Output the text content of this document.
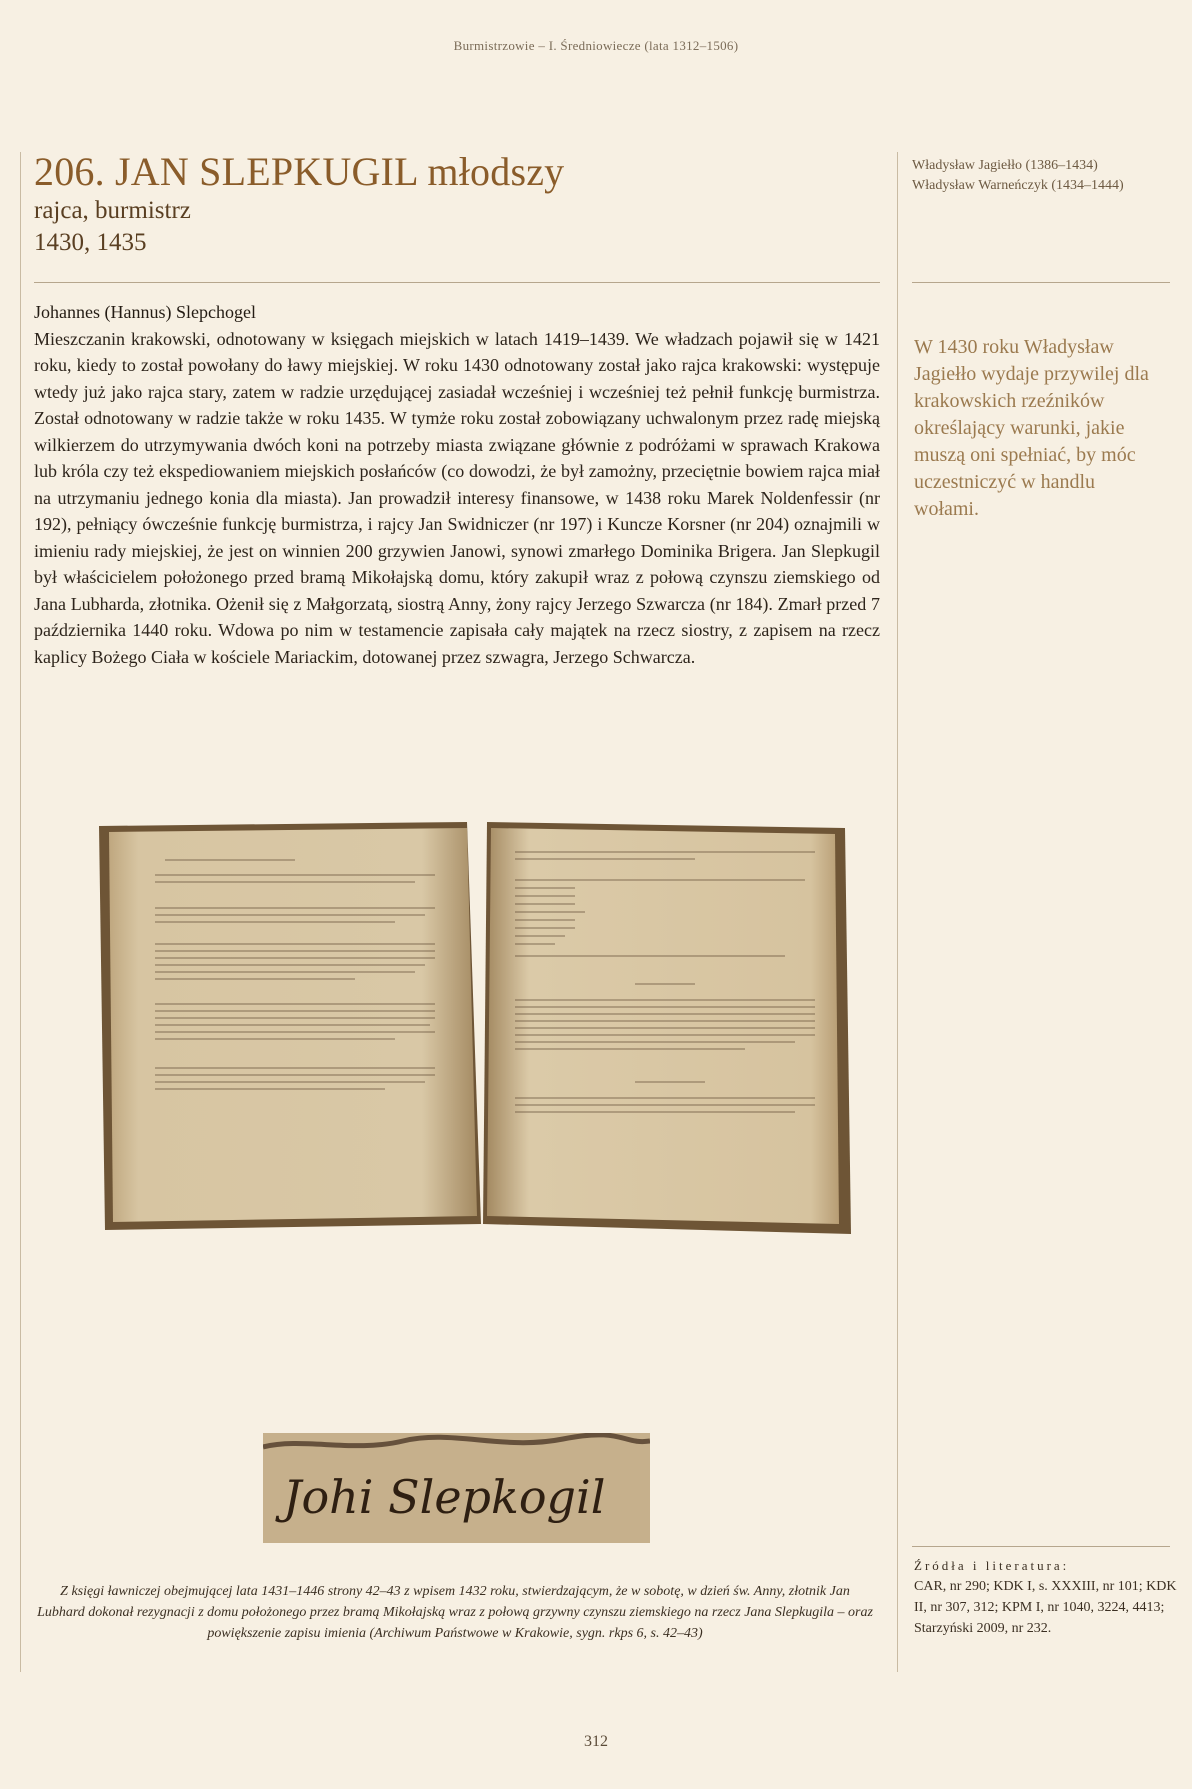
Burmistrzowie – I. Średniowiecze (lata 1312–1506)
206. JAN SLEPKUGIL młodszy
rajca, burmistrz
1430, 1435
Władysław Jagiełło (1386–1434)
Władysław Warneńczyk (1434–1444)

Johannes (Hannus) Slepchogel

Mieszczanin krakowski, odnotowany w księgach miejskich w latach 1419–1439. We władzach pojawił się w 1421 roku, kiedy to został powołany do ławy miejskiej. W roku 1430 odnotowany został jako rajca krakowski: występuje wtedy już jako rajca stary, zatem w radzie urzędującej zasiadał wcześniej i wcześniej też pełnił funkcję burmistrza. Został odnotowany w radzie także w roku 1435. W tymże roku został zobowiązany uchwalonym przez radę miejską wilkierzem do utrzymywania dwóch koni na potrzeby miasta związane głównie z podróżami w sprawach Krakowa lub króla czy też ekspediowaniem miejskich posłańców (co dowodzi, że był zamożny, przeciętnie bowiem rajca miał na utrzymaniu jednego konia dla miasta). Jan prowadził interesy finansowe, w 1438 roku Marek Noldenfessir (nr 192), pełniący ówcześnie funkcję burmistrza, i rajcy Jan Swidniczer (nr 197) i Kuncze Korsner (nr 204) oznajmili w imieniu rady miejskiej, że jest on winnien 200 grzywien Janowi, synowi zmarłego Dominika Brigera. Jan Slepkugil był właścicielem położonego przed bramą Mikołajską domu, który zakupił wraz z połową czynszu ziemskiego od Jana Lubharda, złotnika. Ożenił się z Małgorzatą, siostrą Anny, żony rajcy Jerzego Szwarcza (nr 184). Zmarł przed 7 października 1440 roku. Wdowa po nim w testamencie zapisała cały majątek na rzecz siostry, z zapisem na rzecz kaplicy Bożego Ciała w kościele Mariackim, dotowanej przez szwagra, Jerzego Schwarcza.

W 1430 roku Władysław Jagiełło wydaje przywilej dla krakowskich rzeźników określający warunki, jakie muszą oni spełniać, by móc uczestniczyć w handlu wołami.
Johi Slepkogil
Z księgi ławniczej obejmującej lata 1431–1446 strony 42–43 z wpisem 1432 roku, stwierdzającym, że w sobotę, w dzień św. Anny, złotnik Jan Lubhard dokonał rezygnacji z domu położonego przez bramą Mikołajską wraz z połową grzywny czynszu ziemskiego na rzecz Jana Slepkugila – oraz powiększenie zapisu imienia (Archiwum Państwowe w Krakowie, sygn. rkps 6, s. 42–43)
Źródła i literatura:
CAR, nr 290; KDK I, s. XXXIII, nr 101; KDK II, nr 307, 312; KPM I, nr 1040, 3224, 4413; Starzyński 2009, nr 232.
312
